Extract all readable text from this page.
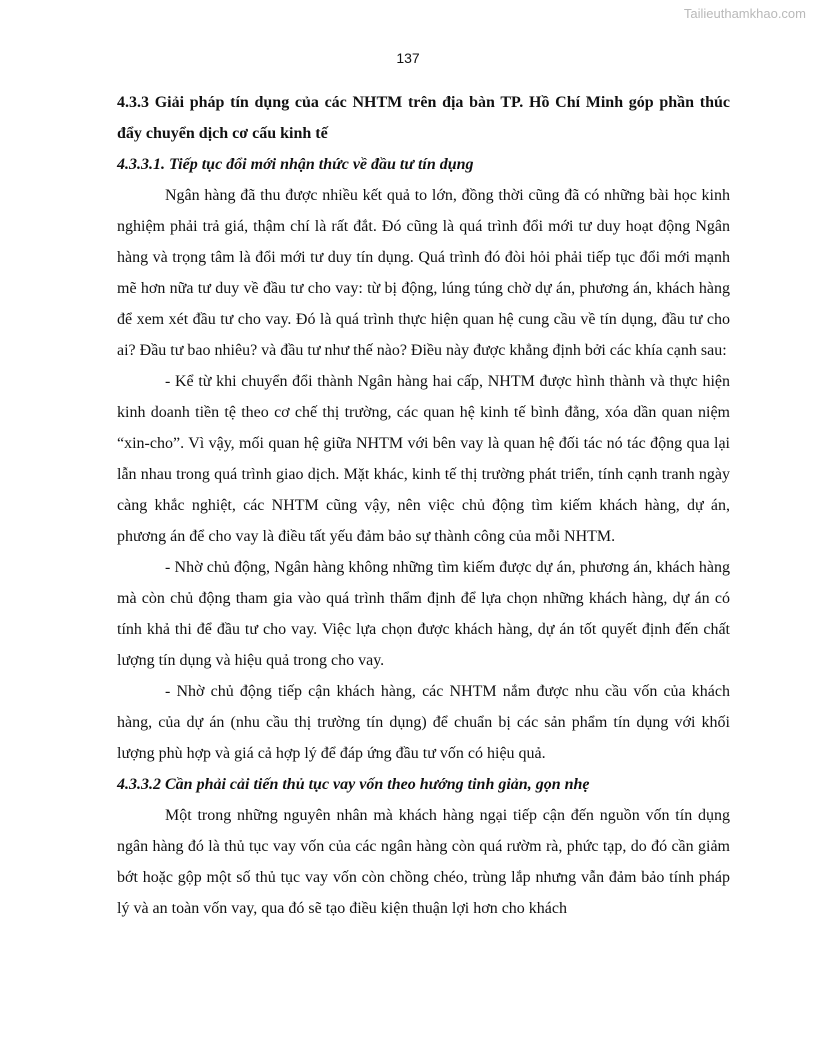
Tailieuthamkhao.com
137

4.3.3 Giải pháp tín dụng của các NHTM trên địa bàn TP. Hồ Chí Minh góp phần thúc đẩy chuyển dịch cơ cấu kinh tế

4.3.3.1. Tiếp tục đổi mới nhận thức về đầu tư tín dụng

Ngân hàng đã thu được nhiều kết quả to lớn, đồng thời cũng đã có những bài học kinh nghiệm phải trả giá, thậm chí là rất đắt. Đó cũng là quá trình đổi mới tư duy hoạt động Ngân hàng và trọng tâm là đổi mới tư duy tín dụng. Quá trình đó đòi hỏi phải tiếp tục đổi mới mạnh mẽ hơn nữa tư duy về đầu tư cho vay: từ bị động, lúng túng chờ dự án, phương án, khách hàng để xem xét đầu tư cho vay. Đó là quá trình thực hiện quan hệ cung cầu về tín dụng, đầu tư cho ai? Đầu tư bao nhiêu? và đầu tư như thế nào? Điều này được khẳng định bởi các khía cạnh sau:

- Kể từ khi chuyển đổi thành Ngân hàng hai cấp, NHTM được hình thành và thực hiện kinh doanh tiền tệ theo cơ chế thị trường, các quan hệ kinh tế bình đẳng, xóa dần quan niệm “xin-cho”. Vì vậy, mối quan hệ giữa NHTM với bên vay là quan hệ đối tác nó tác động qua lại lẫn nhau trong quá trình giao dịch. Mặt khác, kinh tế thị trường phát triển, tính cạnh tranh ngày càng khắc nghiệt, các NHTM cũng vậy, nên việc chủ động tìm kiếm khách hàng, dự án, phương án để cho vay là điều tất yếu đảm bảo sự thành công của mỗi NHTM.

- Nhờ chủ động, Ngân hàng không những tìm kiếm được dự án, phương án, khách hàng mà còn chủ động tham gia vào quá trình thẩm định để lựa chọn những khách hàng, dự án có tính khả thi để đầu tư cho vay. Việc lựa chọn được khách hàng, dự án tốt quyết định đến chất lượng tín dụng và hiệu quả trong cho vay.

- Nhờ chủ động tiếp cận khách hàng, các NHTM nắm được nhu cầu vốn của khách hàng, của dự án (nhu cầu thị trường tín dụng) để chuẩn bị các sản phẩm tín dụng với khối lượng phù hợp và giá cả hợp lý để đáp ứng đầu tư vốn có hiệu quả.

4.3.3.2 Cần phải cải tiến thủ tục vay vốn theo hướng tinh giản, gọn nhẹ

Một trong những nguyên nhân mà khách hàng ngại tiếp cận đến nguồn vốn tín dụng ngân hàng đó là thủ tục vay vốn của các ngân hàng còn quá rườm rà, phức tạp, do đó cần giảm bớt hoặc gộp một số thủ tục vay vốn còn chồng chéo, trùng lắp nhưng vẫn đảm bảo tính pháp lý và an toàn vốn vay, qua đó sẽ tạo điều kiện thuận lợi hơn cho khách
